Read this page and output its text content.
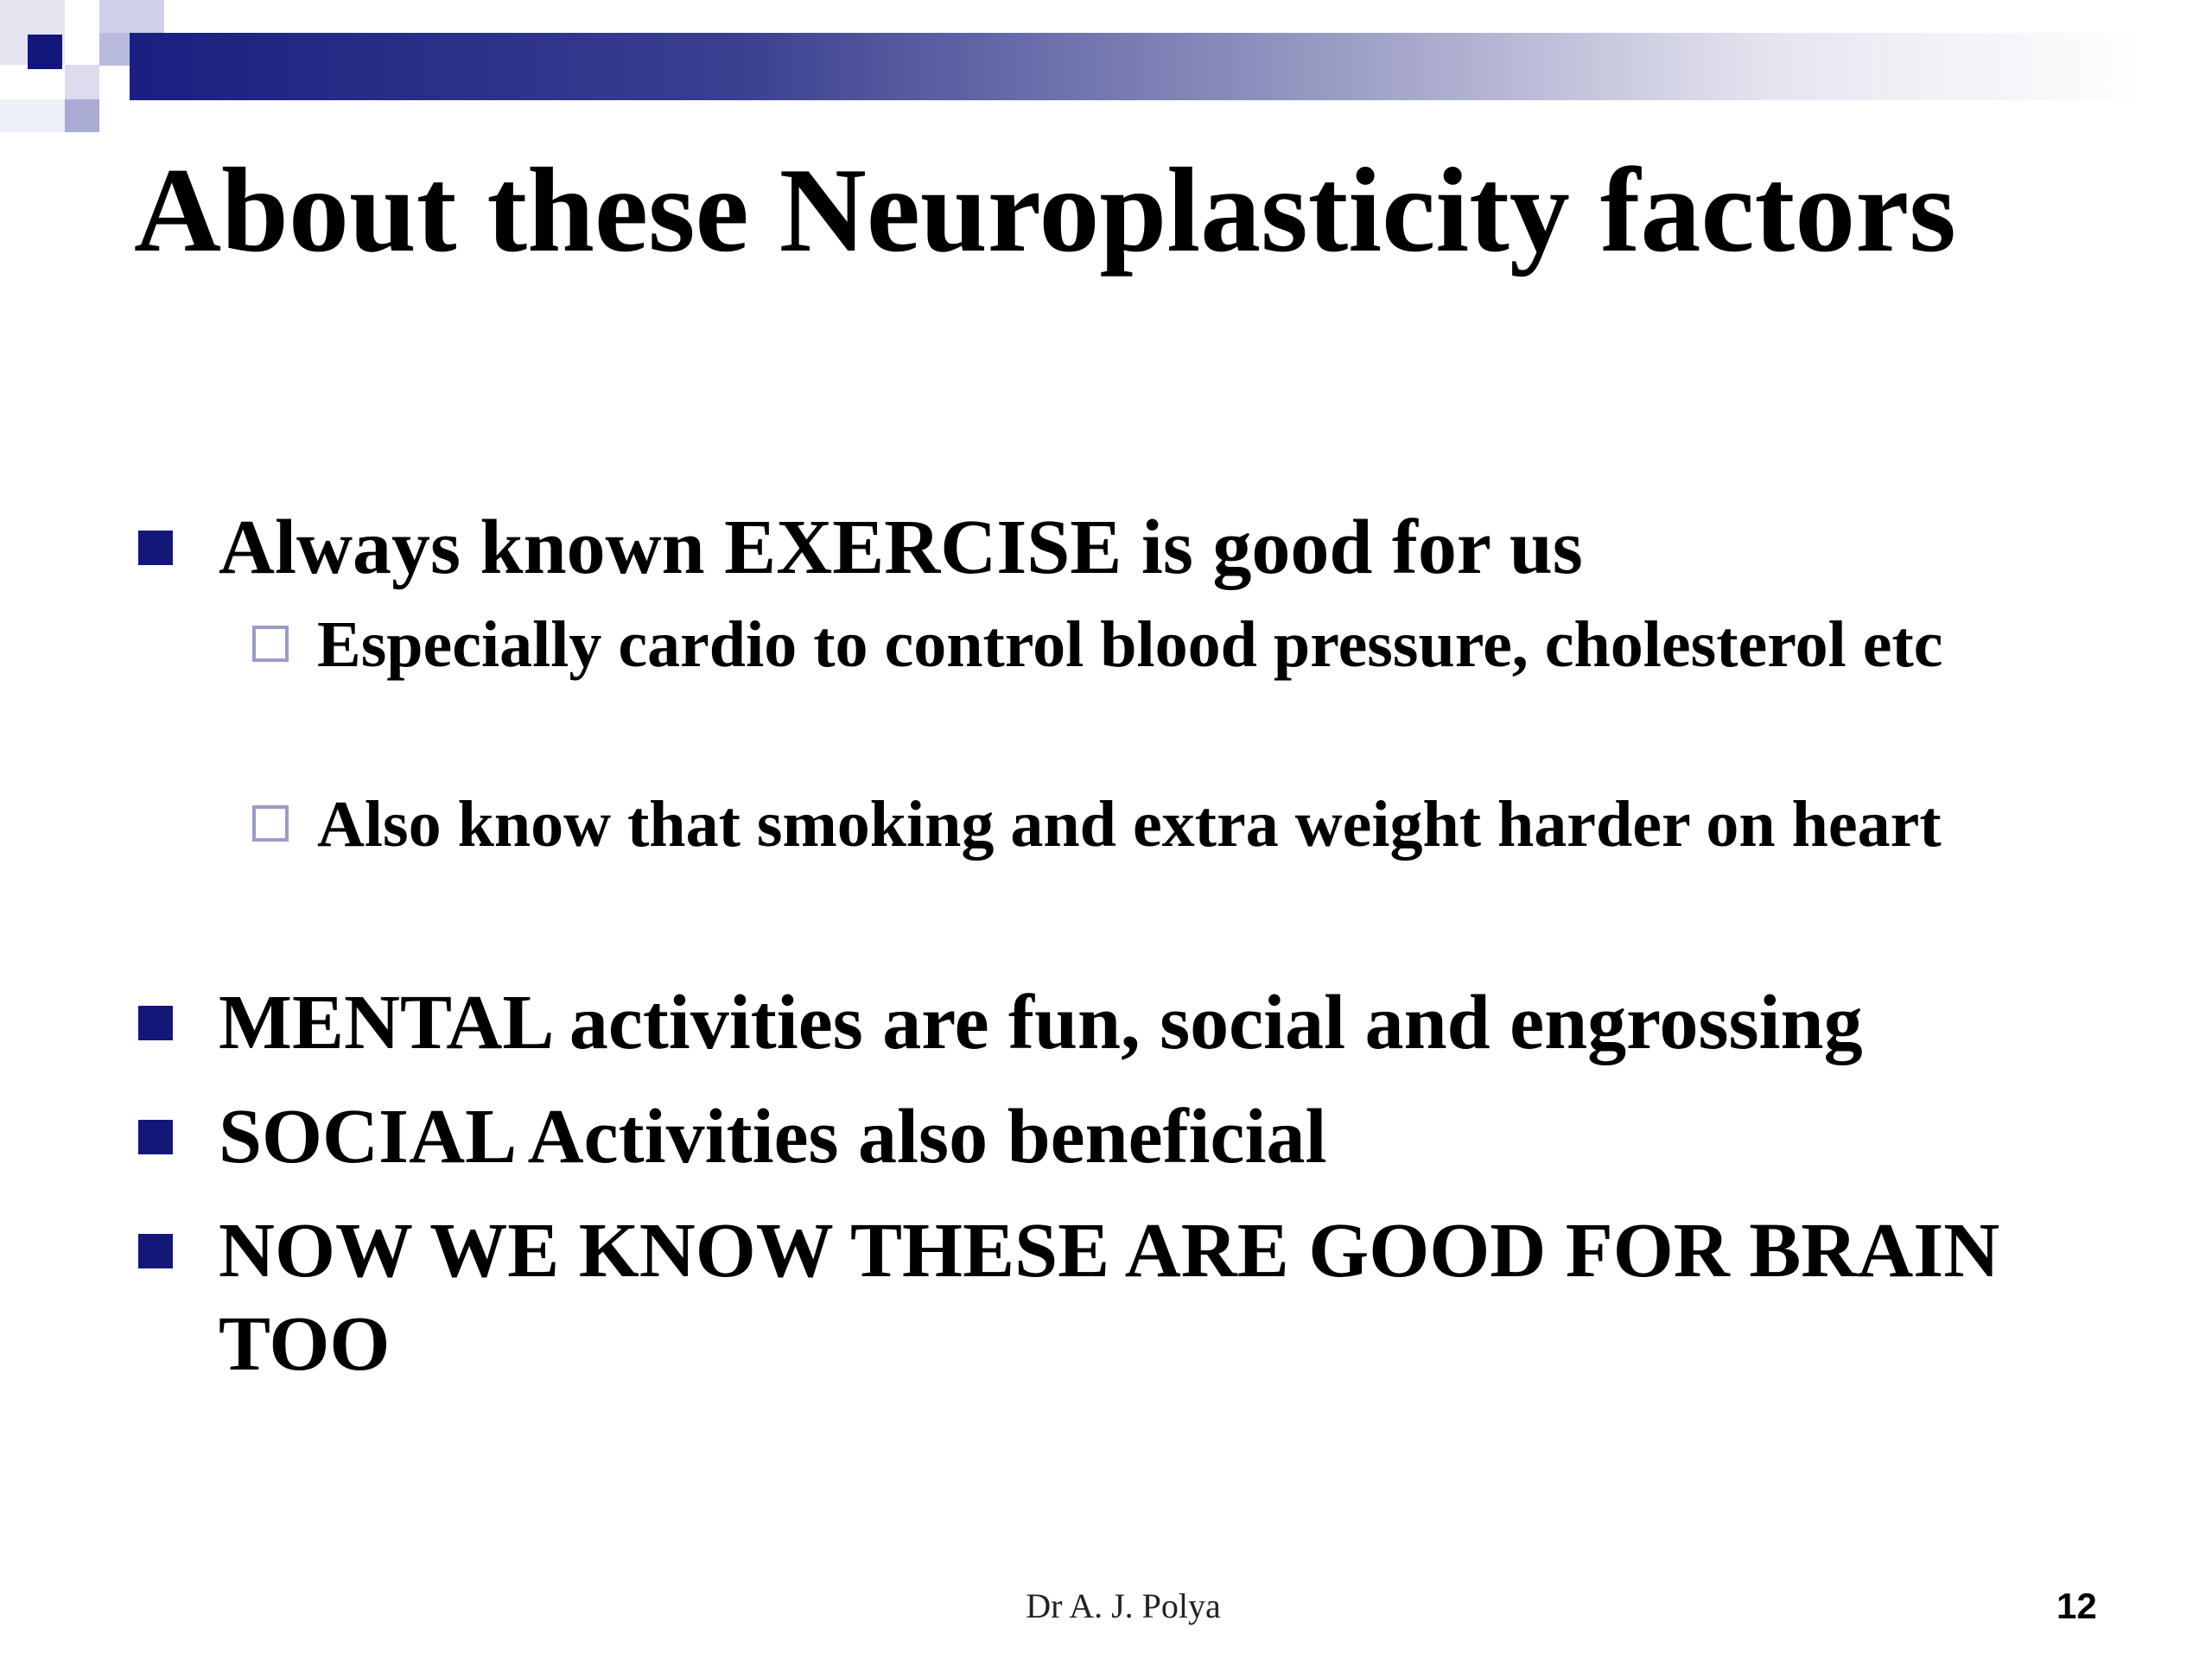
About these Neuroplasticity factors
Always known EXERCISE is good for us
Especially cardio to control blood pressure, cholesterol etc
Also know that smoking and extra weight harder on heart
MENTAL activities are fun, social and engrossing
SOCIAL Activities also beneficial
NOW WE KNOW THESE ARE GOOD FOR BRAIN TOO
Dr A. J. Polya	12
